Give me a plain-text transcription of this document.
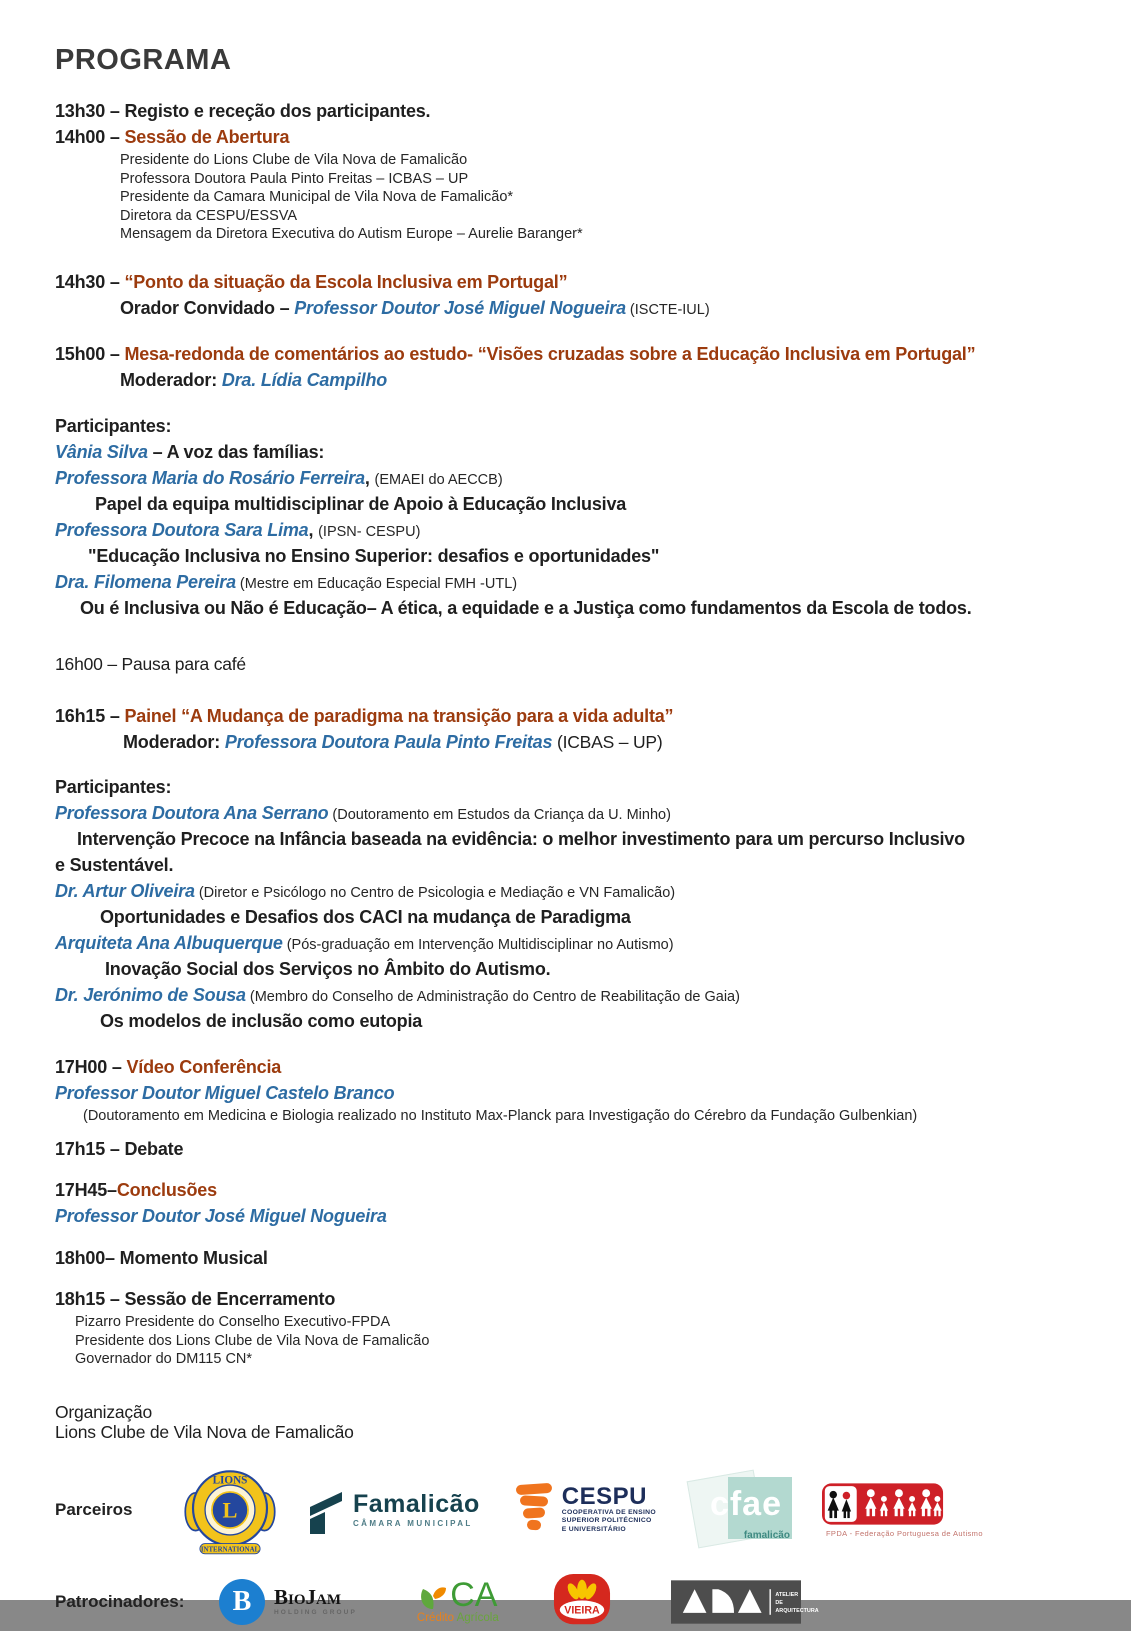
PROGRAMA
13h30 – Registo e receção dos participantes.
14h00 – Sessão de Abertura
Presidente do Lions Clube de Vila Nova de Famalicão
Professora Doutora Paula Pinto Freitas – ICBAS – UP
Presidente da Camara Municipal de Vila Nova de Famalicão*
Diretora da CESPU/ESSVA
Mensagem da Diretora Executiva do Autism Europe – Aurelie Baranger*
14h30 – “Ponto da situação da Escola Inclusiva em Portugal”
Orador Convidado – Professor Doutor José Miguel Nogueira (ISCTE-IUL)
15h00 – Mesa-redonda de comentários ao estudo- “Visões cruzadas sobre a Educação Inclusiva em Portugal”
Moderador: Dra. Lídia Campilho
Participantes:
Vânia Silva – A voz das famílias:
Professora Maria do Rosário Ferreira, (EMAEI do AECCB)
Papel da equipa multidisciplinar de Apoio à Educação Inclusiva
Professora Doutora Sara Lima, (IPSN- CESPU)
"Educação Inclusiva no Ensino Superior: desafios e oportunidades"
Dra. Filomena Pereira (Mestre em Educação Especial FMH -UTL)
Ou é Inclusiva ou Não é Educação– A ética, a equidade e a Justiça como fundamentos da Escola de todos.
16h00 – Pausa para café
16h15 – Painel “A Mudança de paradigma na transição para a vida adulta”
Moderador: Professora Doutora Paula Pinto Freitas (ICBAS – UP)
Participantes:
Professora Doutora Ana Serrano (Doutoramento em Estudos da Criança da U. Minho)
Intervenção Precoce na Infância baseada na evidência: o melhor investimento para um percurso Inclusivo
e Sustentável.
Dr. Artur Oliveira (Diretor e Psicólogo no Centro de Psicologia e Mediação e VN Famalicão)
Oportunidades e Desafios dos CACI na mudança de Paradigma
Arquiteta Ana Albuquerque (Pós-graduação em Intervenção Multidisciplinar no Autismo)
Inovação Social dos Serviços no Âmbito do Autismo.
Dr. Jerónimo de Sousa (Membro do Conselho de Administração do Centro de Reabilitação de Gaia)
Os modelos de inclusão como eutopia
17H00 – Vídeo Conferência
Professor Doutor Miguel Castelo Branco
(Doutoramento em Medicina e Biologia realizado no Instituto Max-Planck para Investigação do Cérebro da Fundação Gulbenkian)
17h15 – Debate
17H45–Conclusões
Professor Doutor José Miguel Nogueira
18h00– Momento Musical
18h15 – Sessão de Encerramento
Pizarro Presidente do Conselho Executivo-FPDA
Presidente dos Lions Clube de Vila Nova de Famalicão
Governador do DM115 CN*
Organização
Lions Clube de Vila Nova de Famalicão
Parceiros
LIONS
L
INTERNATIONAL
Famalicão
CÂMARA MUNICIPAL
CESPU
COOPERATIVA DE ENSINO
SUPERIOR POLITÉCNICO
E UNIVERSITÁRIO
cfae
famalicão	FPDA - Federação Portuguesa de Autismo
Patrocinadores:	B BioJam
HOLDING GROUP	CA
Crédito Agrícola
VIEIRA
ATELIER
DE
ARQUITECTURA
